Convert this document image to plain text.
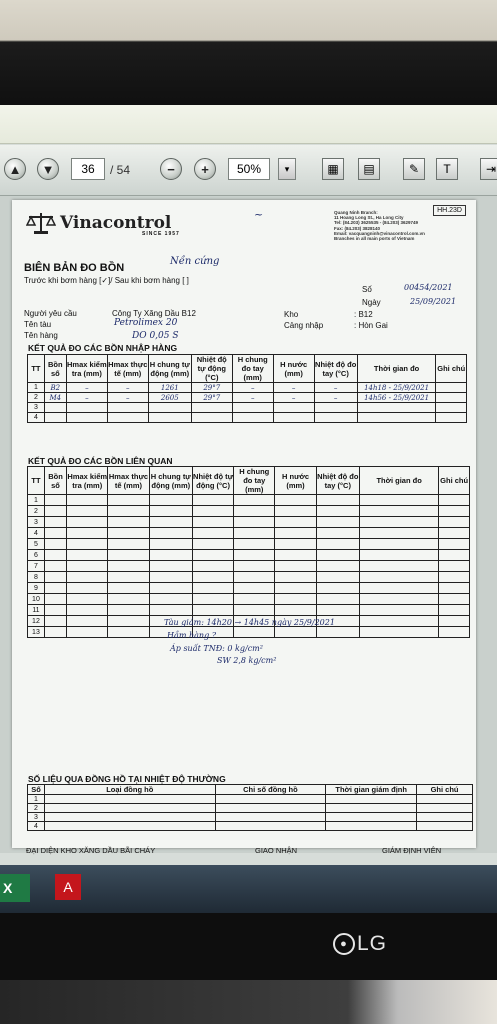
▲	▼	36	/ 54	−	+	50%	▾	▦	▤	✎	T	⇥
Vinacontrol
SINCE 1957
~	HH.23D
Quang Ninh Branch:
11 Hoang Long St., Ha Long City
Tel: (84.203) 3625535 - (84.203) 3629749
Fax: (84.203) 3828140
Email: vacquangninh@vinacontrol.com.vn
Branches in all main ports of Vietnam
BIÊN BẢN ĐO BỒN
Nền cứng
Trước khi bơm hàng [✓]/ Sau khi bơm hàng [ ]
Số	00454/2021
Ngày	25/09/2021
Người yêu cầu	Công Ty Xăng Dầu B12	Kho	: B12
Tên tàu	Petrolimex 20	Cảng nhập	: Hòn Gai
Tên hàng	DO 0,05 S
KẾT QUẢ ĐO CÁC BỒN NHẬP HÀNG
TT	Bồn số	Hmax kiểm tra (mm)	Hmax thực tế (mm)	H chung tự động (mm)	Nhiệt độ tự động (°C)	H chung đo tay (mm)	H nước (mm)	Nhiệt độ đo tay (°C)	Thời gian đo	Ghi chú
1	B2	–	–	1261	29°7	–	–	–	14h18 - 25/9/2021	
2	M4	–	–	2605	29°7	–	–	–	14h56 - 25/9/2021	
3										
4										
KẾT QUẢ ĐO CÁC BỒN LIÊN QUAN
TT	Bồn số	Hmax kiểm tra (mm)	Hmax thực tế (mm)	H chung tự động (mm)	Nhiệt độ tự động (°C)	H chung đo tay (mm)	H nước (mm)	Nhiệt độ đo tay (°C)	Thời gian đo	Ghi chú
1										
2										
3										
4										
5										
6										
7										
8										
9										
10										
11										
12										
13										
Tàu giám: 14h20 → 14h45 ngày 25/9/2021
Hầm hàng ?
Áp suất TNĐ: 0 kg/cm²
SW 2,8 kg/cm²
SỐ LIỆU QUA ĐỒNG HỒ TẠI NHIỆT ĐỘ THƯỜNG
Số	Loại đồng hồ	Chỉ số đồng hồ	Thời gian giám định	Ghi chú
1				
2				
3				
4				
ĐẠI DIỆN KHO XĂNG DẦU BÃI CHÁY	GIAO NHẬN	GIÁM ĐỊNH VIÊN
X	A
● LG
